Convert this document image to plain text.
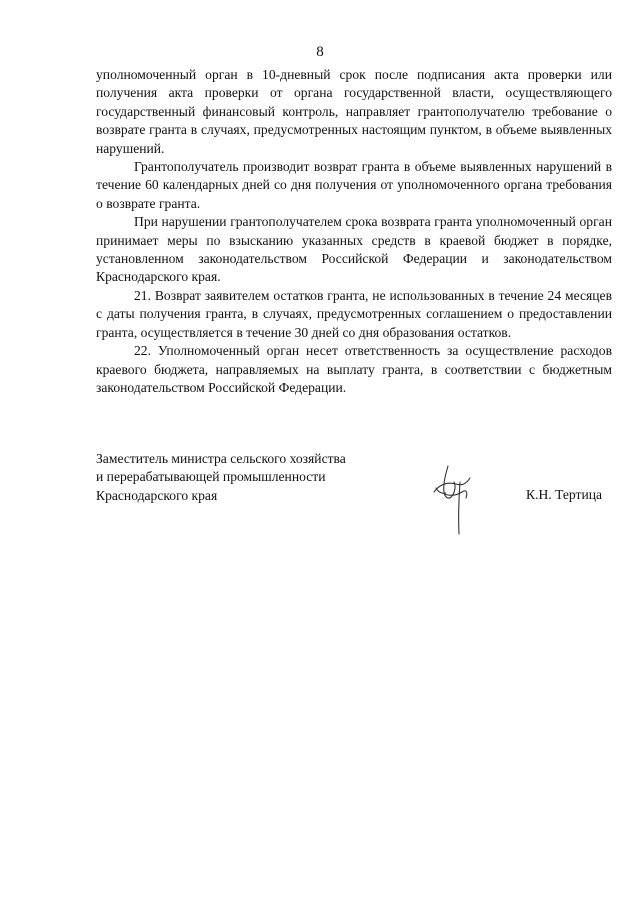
8

уполномоченный орган в 10-дневный срок после подписания акта проверки или получения акта проверки от органа государственной власти, осуществляющего государственный финансовый контроль, направляет грантополучателю требование о возврате гранта в случаях, предусмотренных настоящим пунктом, в объеме выявленных нарушений.

Грантополучатель производит возврат гранта в объеме выявленных нарушений в течение 60 календарных дней со дня получения от уполномоченного органа требования о возврате гранта.

При нарушении грантополучателем срока возврата гранта уполномоченный орган принимает меры по взысканию указанных средств в краевой бюджет в порядке, установленном законодательством Российской Федерации и законодательством Краснодарского края.

21. Возврат заявителем остатков гранта, не использованных в течение 24 месяцев с даты получения гранта, в случаях, предусмотренных соглашением о предоставлении гранта, осуществляется в течение 30 дней со дня образования остатков.

22. Уполномоченный орган несет ответственность за осуществление расходов краевого бюджета, направляемых на выплату гранта, в соответствии с бюджетным законодательством Российской Федерации.

Заместитель министра сельского хозяйства
и перерабатывающей промышленности
Краснодарского края	К.Н. Тертица
